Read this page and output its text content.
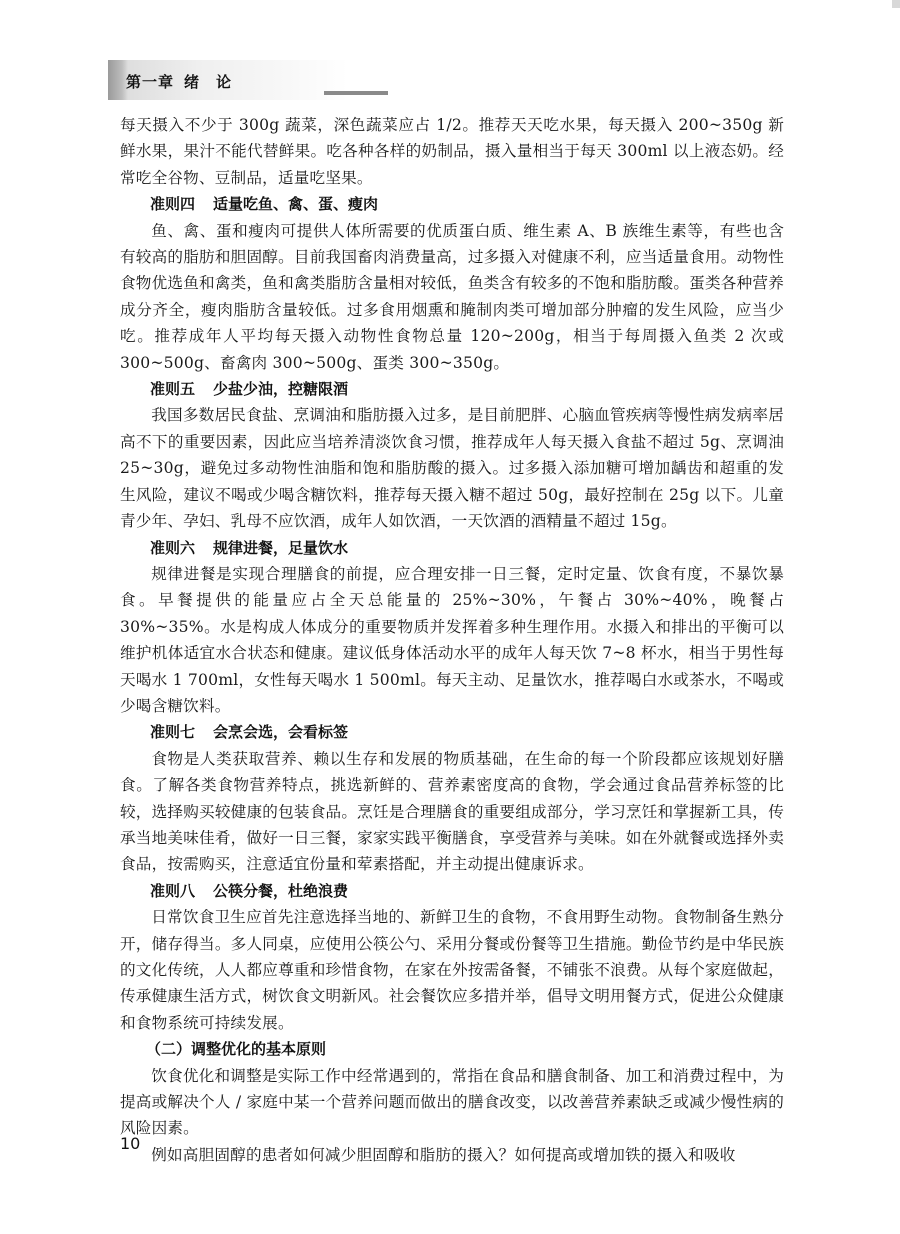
第一章 绪　论

每天摄入不少于 300g 蔬菜，深色蔬菜应占 1/2。推荐天天吃水果，每天摄入 200~350g 新鲜水果，果汁不能代替鲜果。吃各种各样的奶制品，摄入量相当于每天 300ml 以上液态奶。经常吃全谷物、豆制品，适量吃坚果。

准则四 适量吃鱼、禽、蛋、瘦肉

鱼、禽、蛋和瘦肉可提供人体所需要的优质蛋白质、维生素 A、B 族维生素等，有些也含有较高的脂肪和胆固醇。目前我国畜肉消费量高，过多摄入对健康不利，应当适量食用。动物性食物优选鱼和禽类，鱼和禽类脂肪含量相对较低，鱼类含有较多的不饱和脂肪酸。蛋类各种营养成分齐全，瘦肉脂肪含量较低。过多食用烟熏和腌制肉类可增加部分肿瘤的发生风险，应当少吃。推荐成年人平均每天摄入动物性食物总量 120~200g，相当于每周摄入鱼类 2 次或 300~500g、畜禽肉 300~500g、蛋类 300~350g。

准则五 少盐少油，控糖限酒

我国多数居民食盐、烹调油和脂肪摄入过多，是目前肥胖、心脑血管疾病等慢性病发病率居高不下的重要因素，因此应当培养清淡饮食习惯，推荐成年人每天摄入食盐不超过 5g、烹调油 25~30g，避免过多动物性油脂和饱和脂肪酸的摄入。过多摄入添加糖可增加龋齿和超重的发生风险，建议不喝或少喝含糖饮料，推荐每天摄入糖不超过 50g，最好控制在 25g 以下。儿童青少年、孕妇、乳母不应饮酒，成年人如饮酒，一天饮酒的酒精量不超过 15g。

准则六 规律进餐，足量饮水

规律进餐是实现合理膳食的前提，应合理安排一日三餐，定时定量、饮食有度，不暴饮暴食。早餐提供的能量应占全天总能量的 25%~30%，午餐占 30%~40%，晚餐占 30%~35%。水是构成人体成分的重要物质并发挥着多种生理作用。水摄入和排出的平衡可以维护机体适宜水合状态和健康。建议低身体活动水平的成年人每天饮 7~8 杯水，相当于男性每天喝水 1 700ml，女性每天喝水 1 500ml。每天主动、足量饮水，推荐喝白水或茶水，不喝或少喝含糖饮料。

准则七 会烹会选，会看标签

食物是人类获取营养、赖以生存和发展的物质基础，在生命的每一个阶段都应该规划好膳食。了解各类食物营养特点，挑选新鲜的、营养素密度高的食物，学会通过食品营养标签的比较，选择购买较健康的包装食品。烹饪是合理膳食的重要组成部分，学习烹饪和掌握新工具，传承当地美味佳肴，做好一日三餐，家家实践平衡膳食，享受营养与美味。如在外就餐或选择外卖食品，按需购买，注意适宜份量和荤素搭配，并主动提出健康诉求。

准则八 公筷分餐，杜绝浪费

日常饮食卫生应首先注意选择当地的、新鲜卫生的食物，不食用野生动物。食物制备生熟分开，储存得当。多人同桌，应使用公筷公勺、采用分餐或份餐等卫生措施。勤俭节约是中华民族的文化传统，人人都应尊重和珍惜食物，在家在外按需备餐，不铺张不浪费。从每个家庭做起，传承健康生活方式，树饮食文明新风。社会餐饮应多措并举，倡导文明用餐方式，促进公众健康和食物系统可持续发展。

（二）调整优化的基本原则

饮食优化和调整是实际工作中经常遇到的，常指在食品和膳食制备、加工和消费过程中，为提高或解决个人 / 家庭中某一个营养问题而做出的膳食改变，以改善营养素缺乏或减少慢性病的风险因素。

例如高胆固醇的患者如何减少胆固醇和脂肪的摄入？如何提高或增加铁的摄入和吸收

10
